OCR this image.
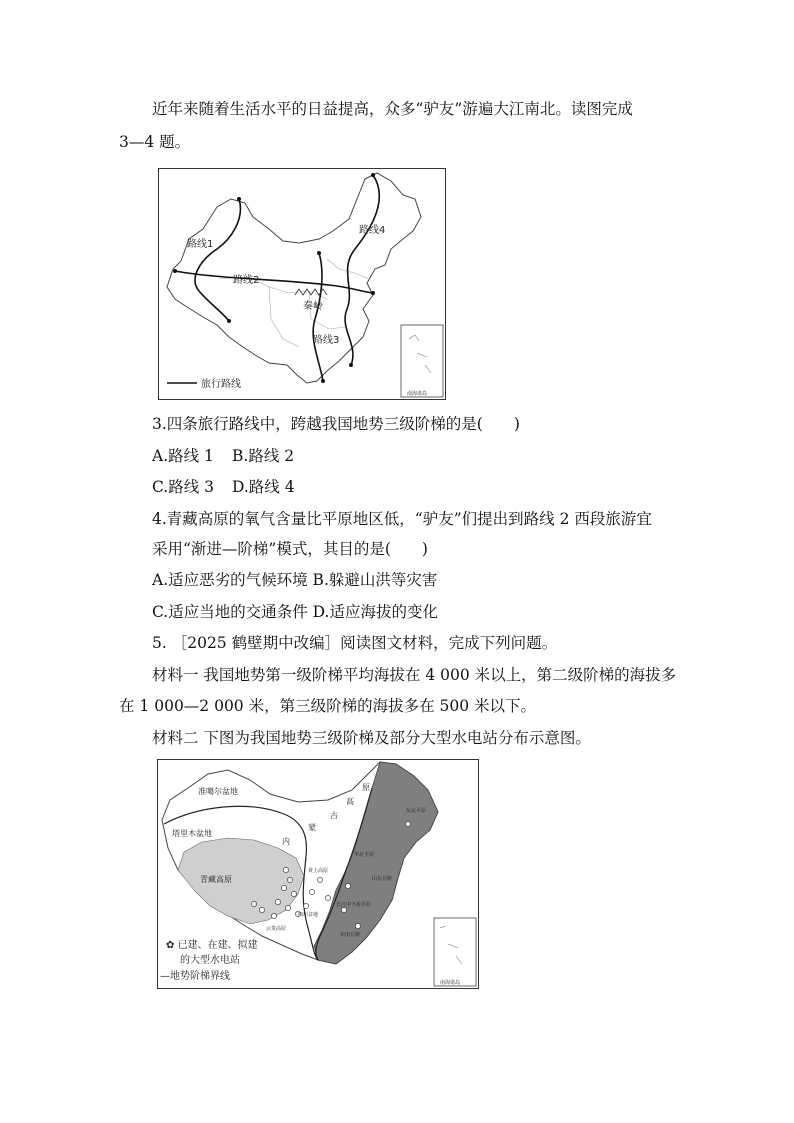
近年来随着生活水平的日益提高，众多“驴友”游遍大江南北。读图完成
3—4 题。
路线1
路线2
路线3
路线4
秦岭
旅行路线
南海诸岛
3.四条旅行路线中，跨越我国地势三级阶梯的是(　　)
A.路线 1 B.路线 2
C.路线 3 D.路线 4
4.青藏高原的氧气含量比平原地区低，“驴友”们提出到路线 2 西段旅游宜
采用“渐进—阶梯”模式，其目的是(　　)
A.适应恶劣的气候环境 B.躲避山洪等灾害
C.适应当地的交通条件 D.适应海拔的变化
5. ［2025 鹤壁期中改编］阅读图文材料，完成下列问题。
材料一 我国地势第一级阶梯平均海拔在 4 000 米以上，第二级阶梯的海拔多
在 1 000—2 000 米，第三级阶梯的海拔多在 500 米以下。
材料二 下图为我国地势三级阶梯及部分大型水电站分布示意图。
准噶尔盆地
塔里木盆地
青藏高原
内
蒙
古
高
原
黄土高原
华北平原
东北平原
山东丘陵
长江中下游平原
四川盆地
云贵高原
东南丘陵
南海诸岛
✿ 已建、在建、拟建
的大型水电站
—地势阶梯界线
